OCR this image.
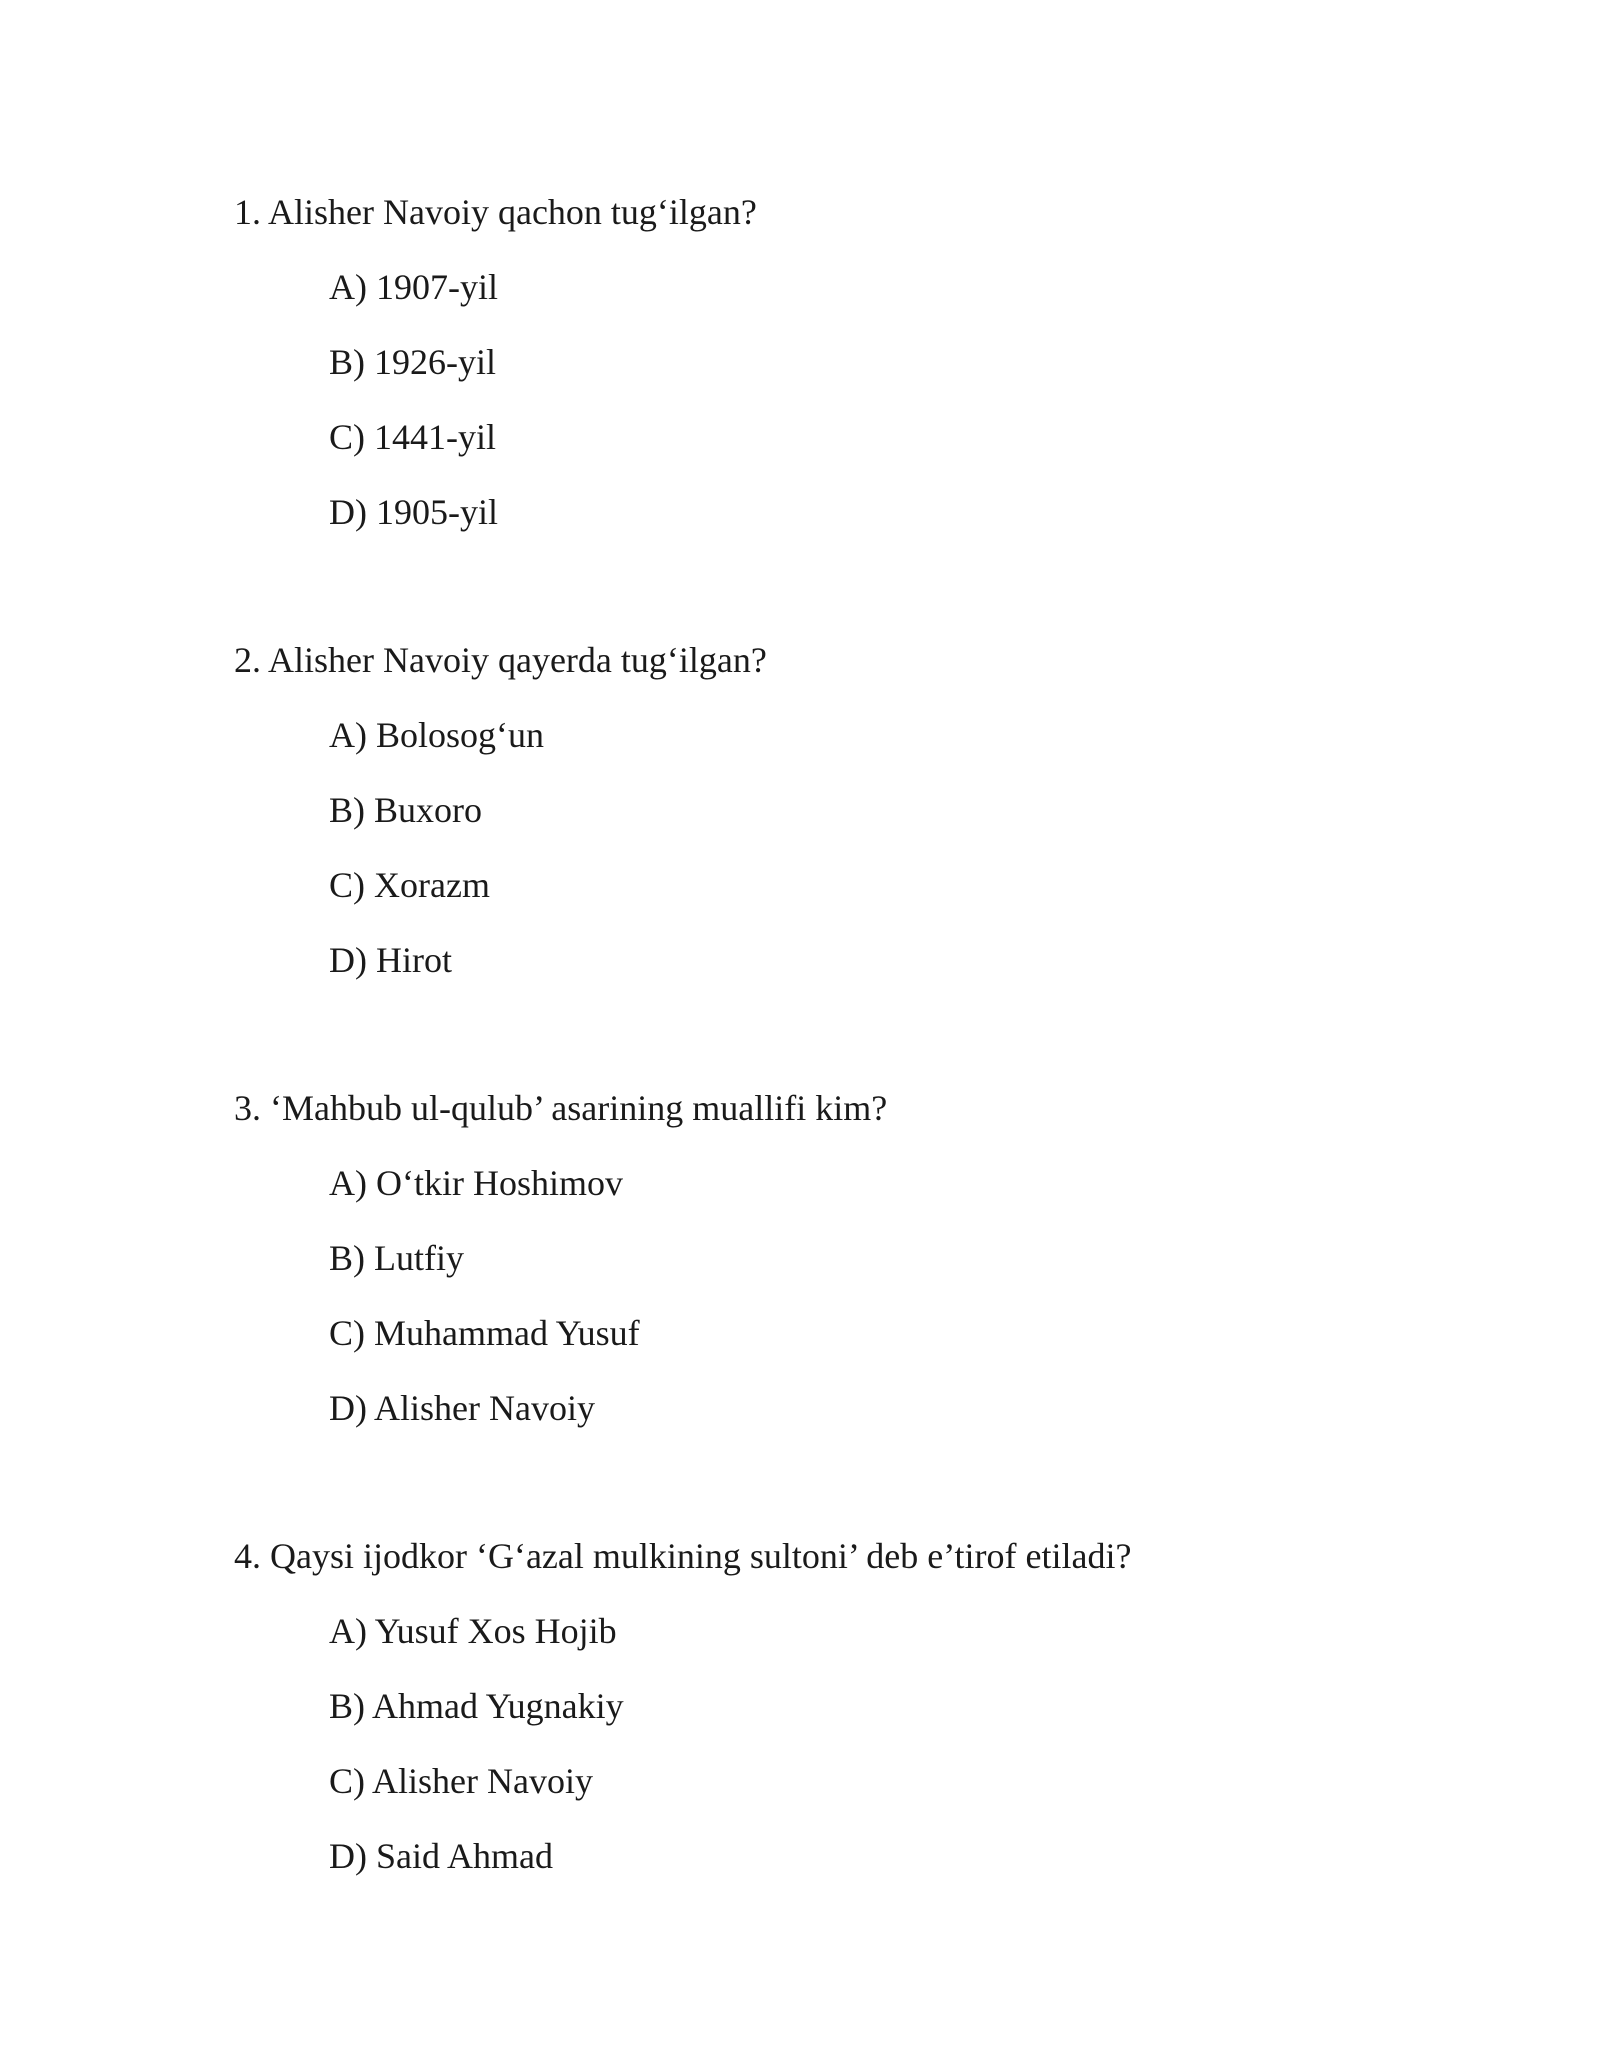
1. Alisher Navoiy qachon tug‘ilgan?
A) 1907-yil
B) 1926-yil
C) 1441-yil
D) 1905-yil
2. Alisher Navoiy qayerda tug‘ilgan?
A) Bolosog‘un
B) Buxoro
C) Xorazm
D) Hirot
3. ‘Mahbub ul-qulub’ asarining muallifi kim?
A) O‘tkir Hoshimov
B) Lutfiy
C) Muhammad Yusuf
D) Alisher Navoiy
4. Qaysi ijodkor ‘G‘azal mulkining sultoni’ deb e’tirof etiladi?
A) Yusuf Xos Hojib
B) Ahmad Yugnakiy
C) Alisher Navoiy
D) Said Ahmad
